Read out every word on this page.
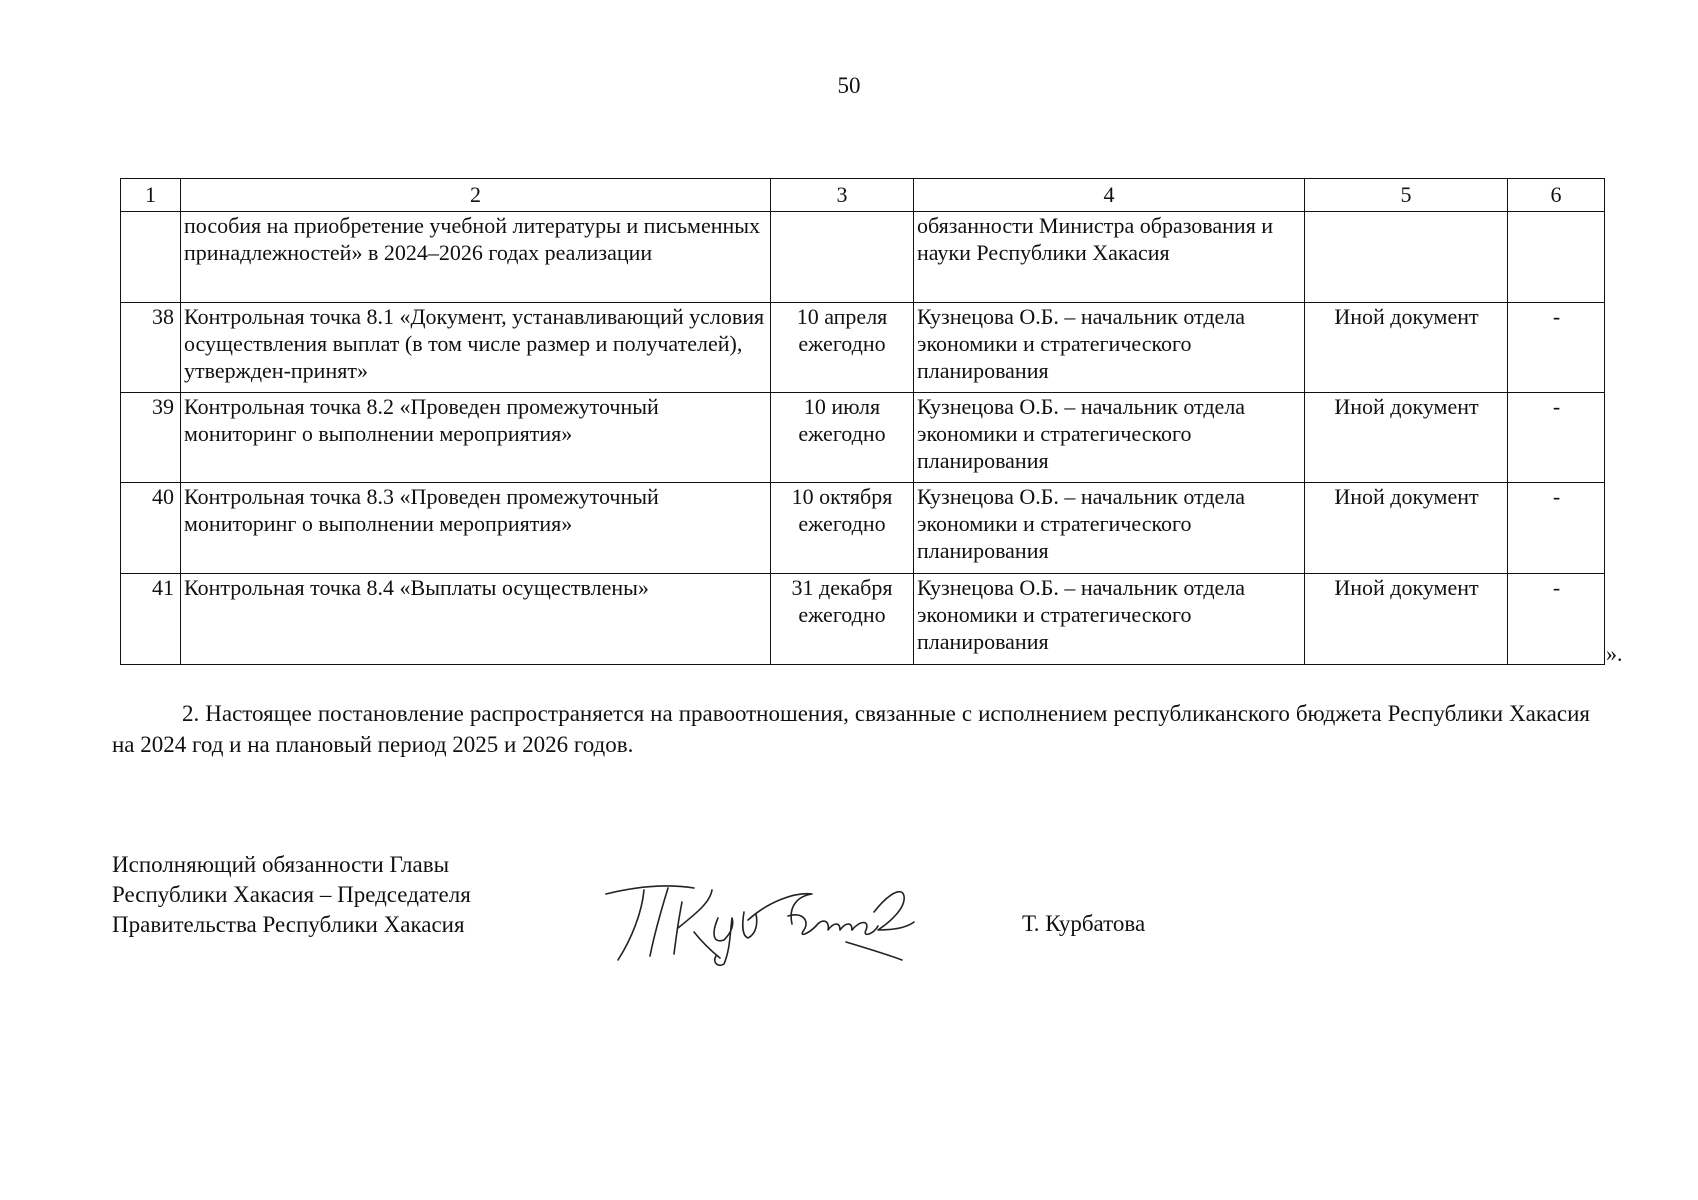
50
1	2	3	4	5	6
	пособия на приобретение учебной литературы и письменных принадлежностей» в 2024–2026 годах реализации		обязанности Министра образования и науки Республики Хакасия		
38	Контрольная точка 8.1 «Документ, устанавливающий условия осуществления выплат (в том числе размер и получателей), утвержден-принят»	10 апреля ежегодно	Кузнецова О.Б. – начальник отдела экономики и стратегического планирования	Иной документ	-
39	Контрольная точка 8.2 «Проведен промежуточный мониторинг о выполнении мероприятия»	10 июля ежегодно	Кузнецова О.Б. – начальник отдела экономики и стратегического планирования	Иной документ	-
40	Контрольная точка 8.3 «Проведен промежуточный мониторинг о выполнении мероприятия»	10 октября ежегодно	Кузнецова О.Б. – начальник отдела экономики и стратегического планирования	Иной документ	-
41	Контрольная точка 8.4 «Выплаты осуществлены»	31 декабря ежегодно	Кузнецова О.Б. – начальник отдела экономики и стратегического планирования	Иной документ	-
».
2. Настоящее постановление распространяется на правоотношения, связанные с исполнением республиканского бюджета Республики Хакасия на 2024 год и на плановый период 2025 и 2026 годов.
Исполняющий обязанности Главы
Республики Хакасия – Председателя
Правительства Республики Хакасия	Т. Курбатова
